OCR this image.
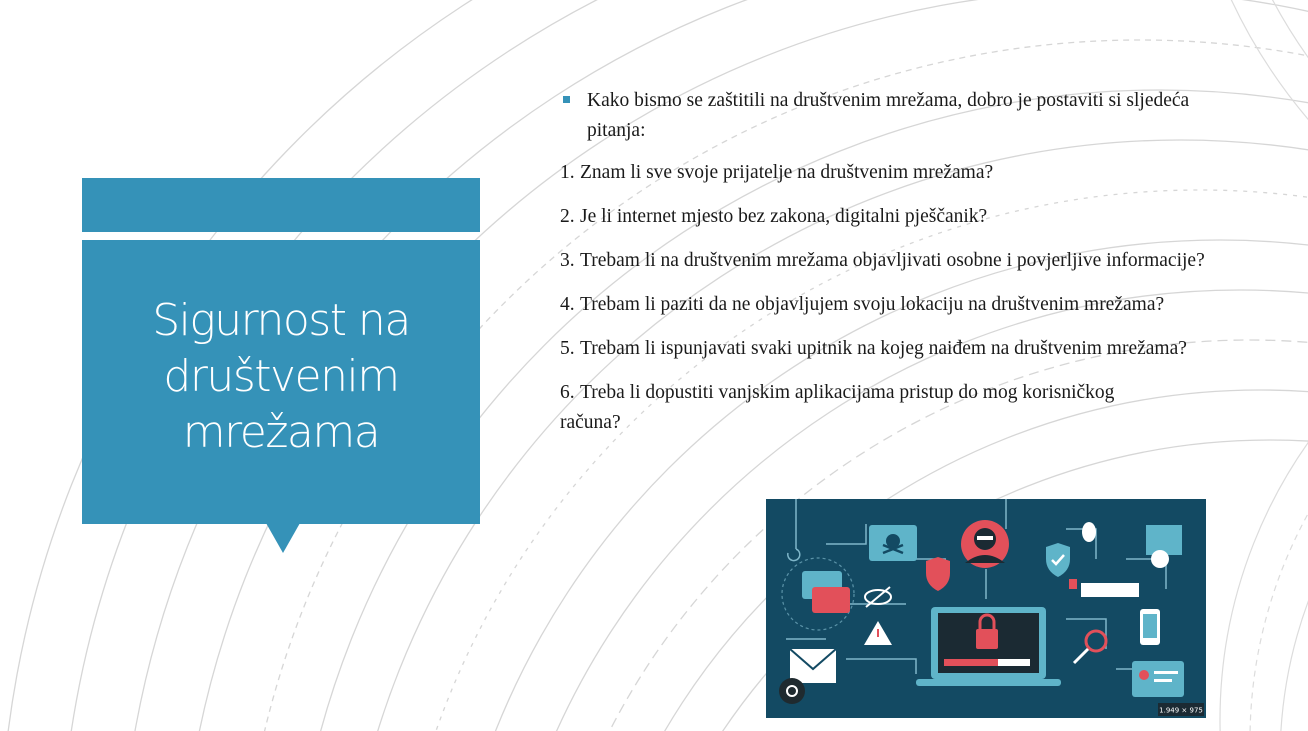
Sigurnost na društvenim mrežama
Kako bismo se zaštitili na društvenim mrežama, dobro je postaviti si sljedeća pitanja:
1. Znam li sve svoje prijatelje na društvenim mrežama?
2. Je li internet mjesto bez zakona, digitalni pješčanik?
3. Trebam li na društvenim mrežama objavljivati osobne i povjerljive informacije?
4. Trebam li paziti da ne objavljujem svoju lokaciju na društvenim mrežama?
5. Trebam li ispunjavati svaki upitnik na kojeg naiđem na društvenim mrežama?
6. Treba li dopustiti vanjskim aplikacijama pristup do mog korisničkog računa?
1.949 × 975
